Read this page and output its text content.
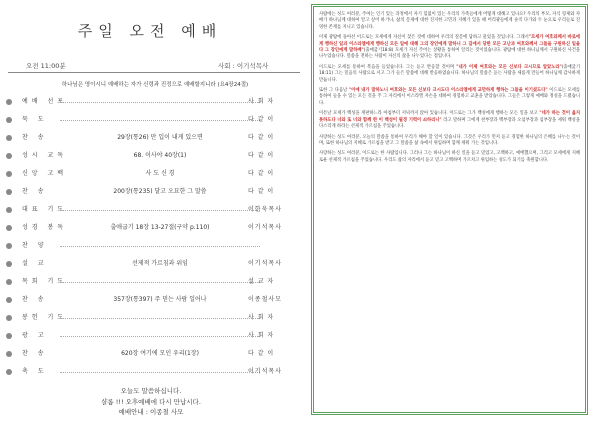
주일 오전 예배
오전 11:00분	사회 : 이기석목사
하나님은 영이시니 예배하는 자가 신령과 진정으로 예배할지니라 (요4장24절)
예배 선포	사 회 자
묵 도	다 같 이
찬 송	29장(통26) 만 입이 내게 있으면	다 같 이
성시 교독	68. 이사야 40장(1)	다 같 이
신앙 고백	사 도 신 경	다 같 이
찬 송	200장(통235) 달고 오묘한 그 말씀	다 같 이
대표 기도	이한욱목사
성경 봉독	출애굽기 18장 13-27절(구약 p.110)	이기석목사
찬 양
설 교	선제적 가르침과 위임	이기석목사
목회 기도	설 교 자
찬 송	357장(통397) 주 믿는 사람 일어나	이종철사모
봉헌 기도	사 회 자
광 고	사 회 자
찬 송	620장 여기에 모인 우리(1장)	다 같 이
축 도	이기석목사
오늘도 말씀하십니다.
샬롬 !!! 오후예배에 다시 만납시다.
예배안내 : 이종철 사모

사람에는 성도 여러분, 주여는 인기 있는 과정에서 자기 힘없이 있는 우리의 가족들에게 어떻게 대해고 있나요? 우리의 부모, 자식 형제와 자매가 하나님께 대하여 알고 싶어 하거나, 삶의 문제에 대한 진지한 고민과 지혜가 있을 때 어리광들에게 솔직 다가와 두 눈으로 우리들로 진영한 존재를 지니고 있습니다.

이제 광탐에 돌아선 이드로는 모세에게 자신이 찾은 것에 대하여 우리의 질문에 답하고 물었을 것입니다. 그래서"모세가 여호와께서 바로에게 행하신 일과 이스라엘에게 행하신 모든 일에 대해 그의 장인에게 말하니 그 길에서 당한 모든 고난과 여호와께서 그들을 구원하신 일을 다 그 장인에게 말하매"(출애굽기18:8) 모세가 자신 주어는 상황을 통하여 알리는 것이었습니다. 광탐에 대한 하나님께서 구원하신 사건을 나누었습니다. 말씀을 전하는 사람이 자신의 삶을 나누었다는 점입니다.

이드로는 모세를 통하여 복음을 들었습니다. 그는 듣고 반응할 것이며 "내가 이제 여호와는 모든 신보다 크시므로 알았노라"(출애굽기18:11) 그는 믿음의 사람으로 서고 그가 들은 말씀에 대해 반응하였습니다. 하나님의 말씀은 듣는 사람을 새롭게 만들어 하나님께 감사하게 만듭니다.

또한 그 다음날 "이에 내가 말하노니 여호와는 모든 신보다 크시도다 이스라엘에게 교만하게 행하는 그들을 이기셨도다" 이드로는 모세를 통하여 들을 수 있는 모든 것을 주 그 자리에서 이스라엘 자손을 대하여 경험하고 교훈을 받았습니다. 그들은 그렇게 예배와 정성을 드렸습니다.

이튿날 모세가 백성을 재판하느라 아침부터 저녁까지 앉아 있습니다. 이드로는 그가 백성에게 행하는 모든 일을 보고 "네가 하는 것이 옳지 못하도다 너와 또 너와 함께 한 이 백성이 필경 기력이 쇠하리니" 라고 말하며 그에게 천부장과 백부장과 오십부장과 십부장을 세워 백성을 다스리게 하라는 선제적 가르침을 주었습니다.

사랑하는 성도 여러분, 오늘의 말씀을 통하여 우리가 해야 할 일이 있습니다. 그것은 우리가 먼저 듣고 경험한 하나님의 은혜를 나누는 것이며, 또한 하나님의 지혜로 가르침을 받고 그 말씀을 삶 속에서 위임하며 함께 세워 가는 것입니다.

사랑하는 성도 여러분, 이드로는 한 사람입니다. 그러나 그는 하나님이 하신 일을 듣고 믿었고, 고백하고, 예배했으며, 그리고 모세에게 지혜로운 선제적 가르침을 주었습니다. 우리도 삶의 자리에서 듣고 믿고 고백하며 가르치고 위임하는 성도가 되기를 축원합니다.
